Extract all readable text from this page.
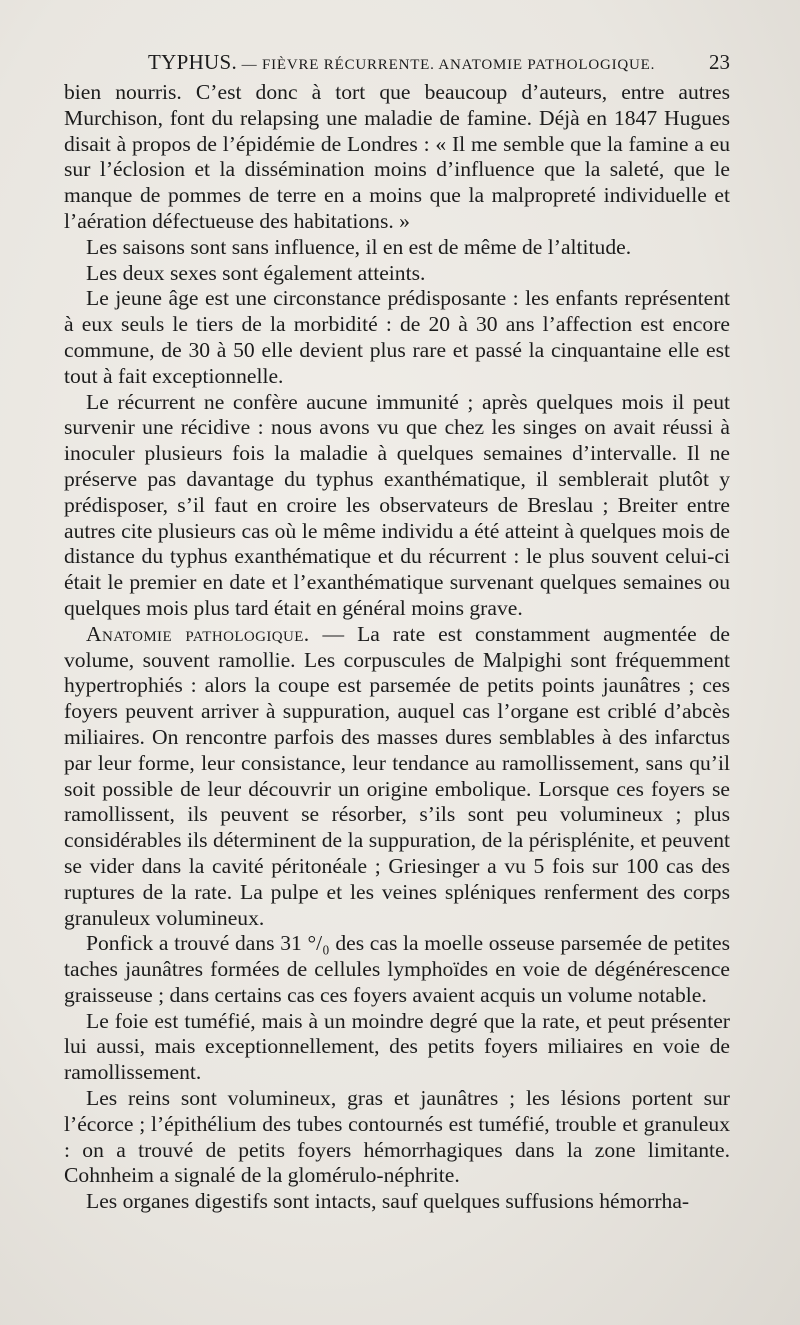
TYPHUS. — FIÈVRE RÉCURRENTE. ANATOMIE PATHOLOGIQUE.	23

bien nourris. C’est donc à tort que beaucoup d’auteurs, entre autres Murchison, font du relapsing une maladie de famine. Déjà en 1847 Hugues disait à propos de l’épidémie de Londres : « Il me semble que la famine a eu sur l’éclosion et la dissémination moins d’influence que la saleté, que le manque de pommes de terre en a moins que la malpropreté individuelle et l’aération défectueuse des habitations. »

Les saisons sont sans influence, il en est de même de l’altitude.

Les deux sexes sont également atteints.

Le jeune âge est une circonstance prédisposante : les enfants représentent à eux seuls le tiers de la morbidité : de 20 à 30 ans l’affection est encore commune, de 30 à 50 elle devient plus rare et passé la cinquantaine elle est tout à fait exceptionnelle.

Le récurrent ne confère aucune immunité ; après quelques mois il peut survenir une récidive : nous avons vu que chez les singes on avait réussi à inoculer plusieurs fois la maladie à quelques semaines d’intervalle. Il ne préserve pas davantage du typhus exanthématique, il semblerait plutôt y prédisposer, s’il faut en croire les observateurs de Breslau ; Breiter entre autres cite plusieurs cas où le même individu a été atteint à quelques mois de distance du typhus exanthématique et du récurrent : le plus souvent celui-ci était le premier en date et l’exanthématique survenant quelques semaines ou quelques mois plus tard était en général moins grave.

Anatomie pathologique. — La rate est constamment augmentée de volume, souvent ramollie. Les corpuscules de Malpighi sont fréquemment hypertrophiés : alors la coupe est parsemée de petits points jaunâtres ; ces foyers peuvent arriver à suppuration, auquel cas l’organe est criblé d’abcès miliaires. On rencontre parfois des masses dures semblables à des infarctus par leur forme, leur consistance, leur tendance au ramollissement, sans qu’il soit possible de leur découvrir un origine embolique. Lorsque ces foyers se ramollissent, ils peuvent se résorber, s’ils sont peu volumineux ; plus considérables ils déterminent de la suppuration, de la périsplénite, et peuvent se vider dans la cavité péritonéale ; Griesinger a vu 5 fois sur 100 cas des ruptures de la rate. La pulpe et les veines spléniques renferment des corps granuleux volumineux.

Ponfick a trouvé dans 31 °/₀ des cas la moelle osseuse parsemée de petites taches jaunâtres formées de cellules lymphoïdes en voie de dégénérescence graisseuse ; dans certains cas ces foyers avaient acquis un volume notable.

Le foie est tuméfié, mais à un moindre degré que la rate, et peut présenter lui aussi, mais exceptionnellement, des petits foyers miliaires en voie de ramollissement.

Les reins sont volumineux, gras et jaunâtres ; les lésions portent sur l’écorce ; l’épithélium des tubes contournés est tuméfié, trouble et granuleux : on a trouvé de petits foyers hémorrhagiques dans la zone limitante. Cohnheim a signalé de la glomérulo-néphrite.

Les organes digestifs sont intacts, sauf quelques suffusions hémorrha-
